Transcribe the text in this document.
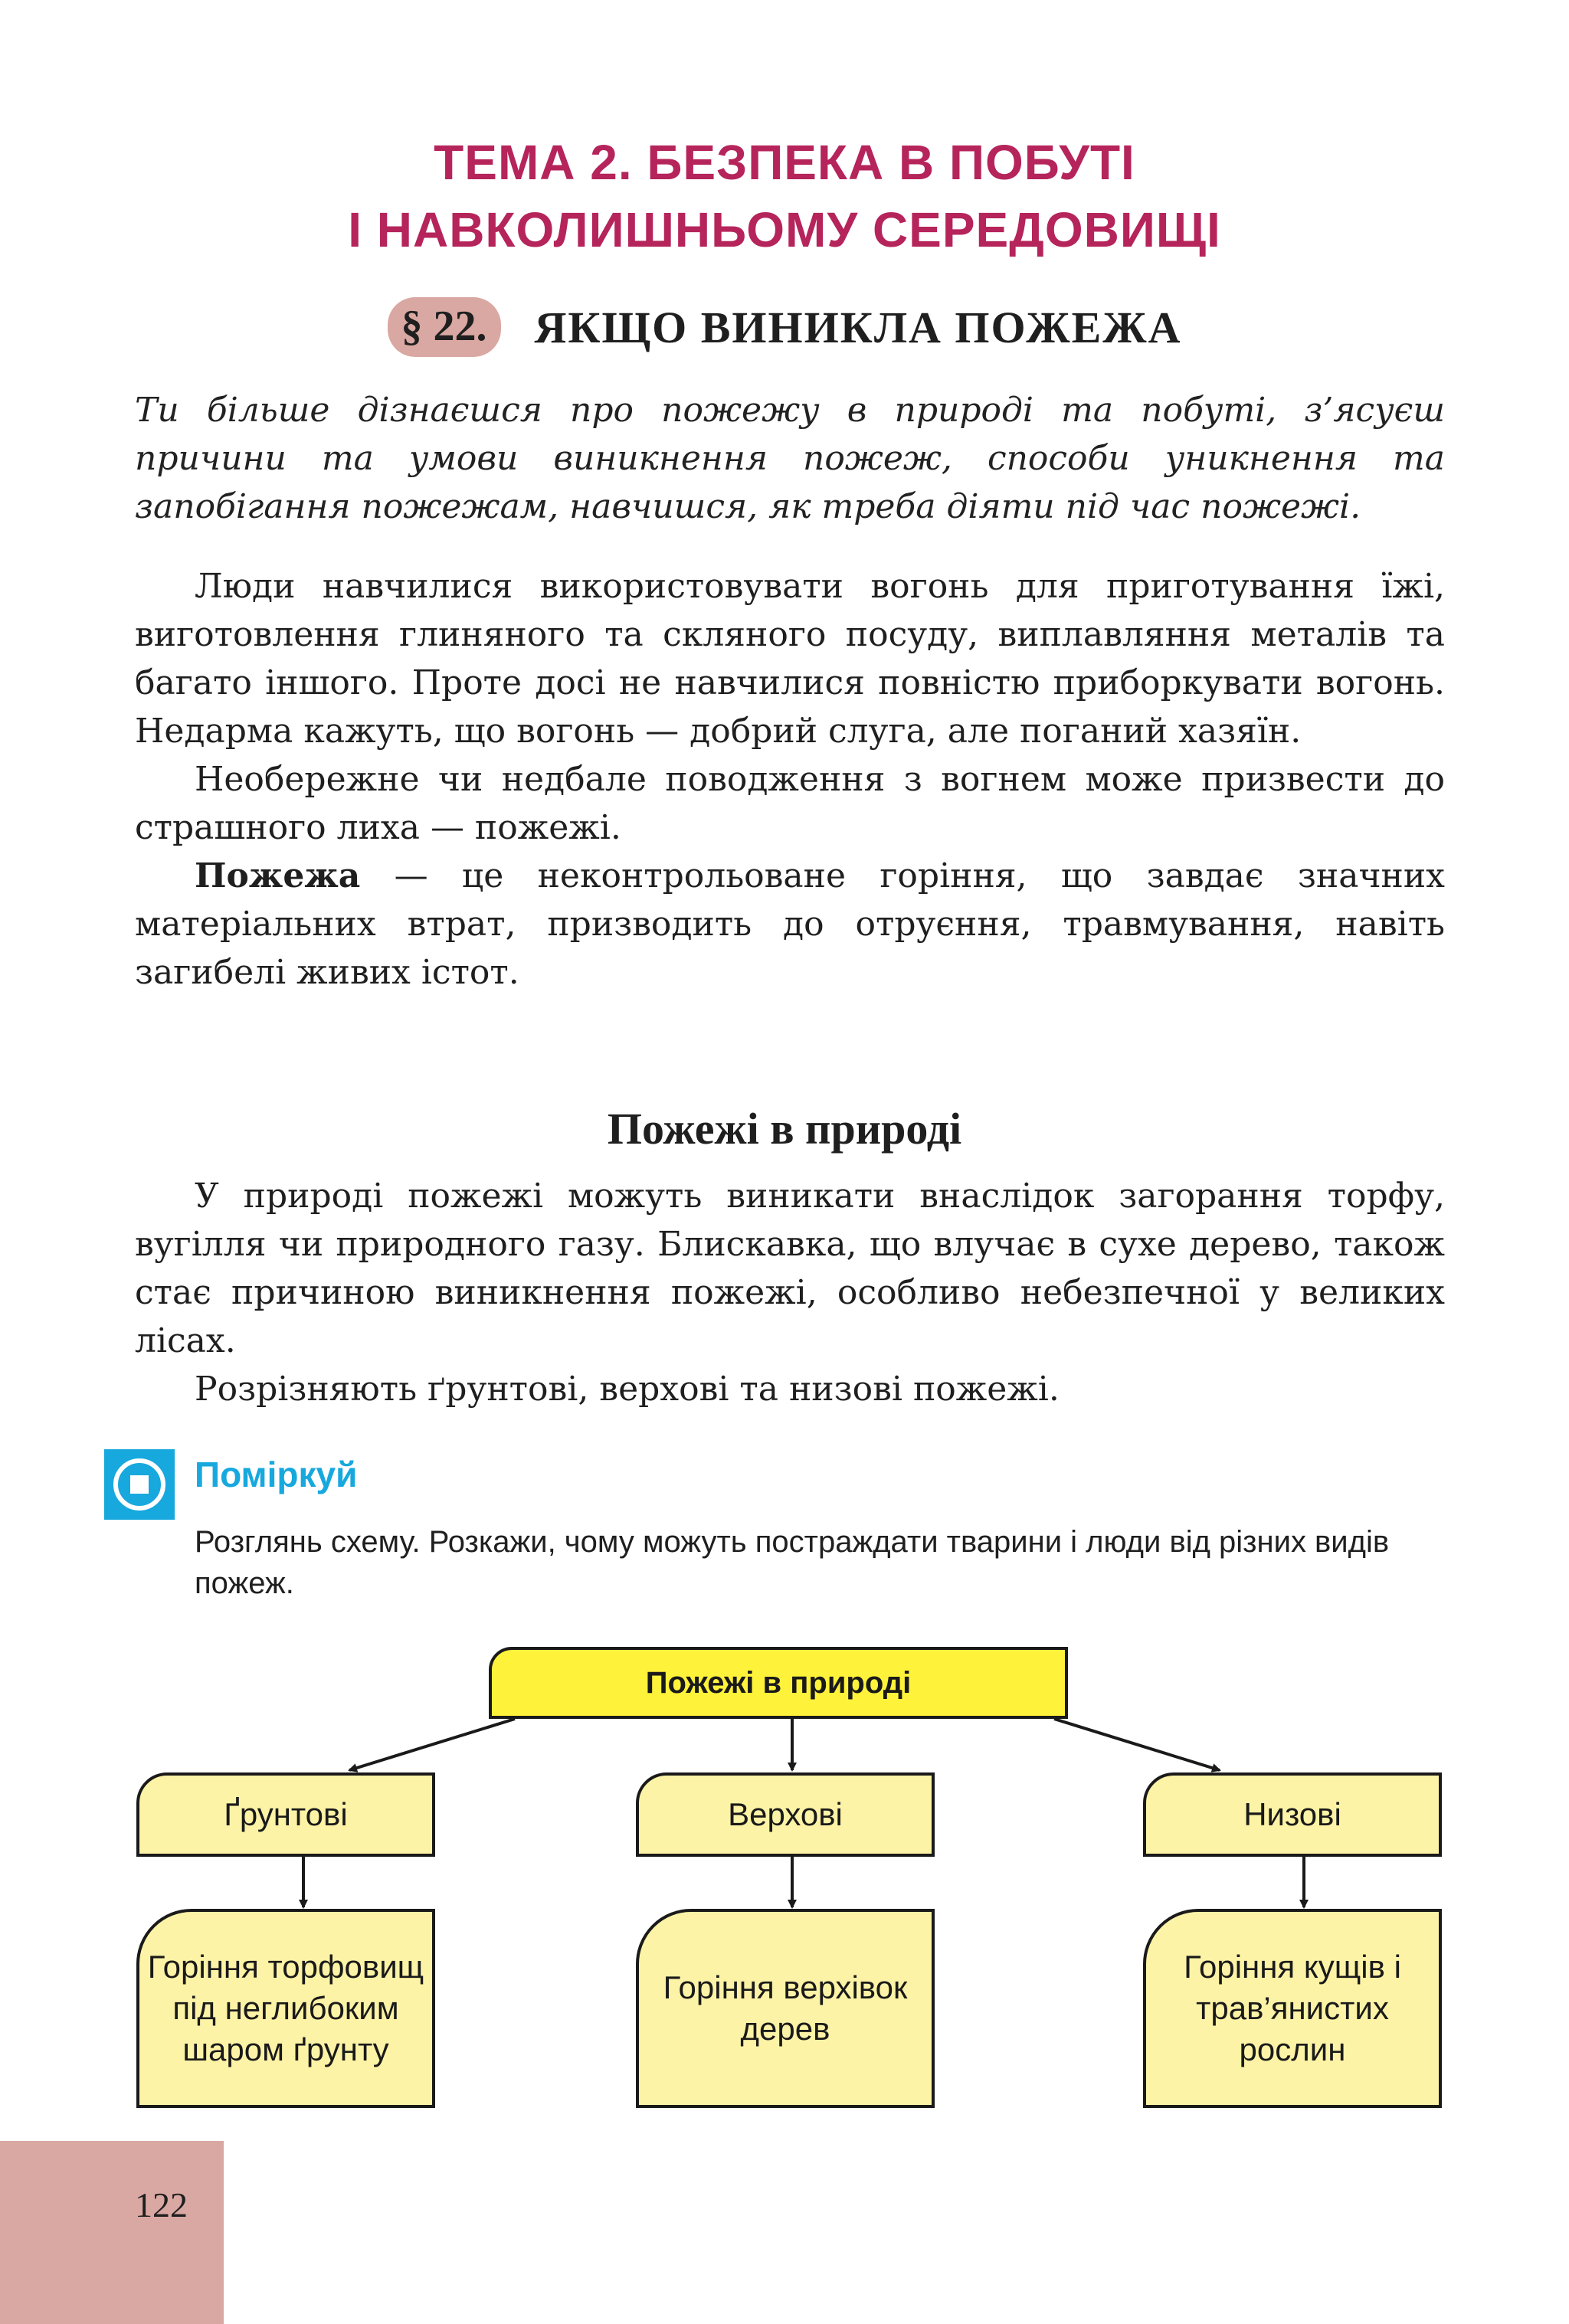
ТЕМА 2. БЕЗПЕКА В ПОБУТІ
І НАВКОЛИШНЬОМУ СЕРЕДОВИЩІ
§ 22.	ЯКЩО ВИНИКЛА ПОЖЕЖА
Ти більше дізнаєшся про пожежу в природі та побуті, з’ясуєш
причини та умови виникнення пожеж, способи уникнення та
запобігання пожежам, навчишся, як треба діяти під час пожежі.

Люди навчилися використовувати вогонь для приготування їжі, виготовлення глиняного та скляного посуду, виплавляння металів та багато іншого. Проте досі не навчилися повністю приборкувати вогонь. Недарма кажуть, що вогонь — добрий слуга, але поганий хазяїн.

Необережне чи недбале поводження з вогнем може призвести до страшного лиха — пожежі.

Пожежа — це неконтрольоване горіння, що завдає значних матеріальних втрат, призводить до отруєння, травмування, навіть загибелі живих істот.

Пожежі в природі

У природі пожежі можуть виникати внаслідок загорання торфу, вугілля чи природного газу. Блискавка, що влучає в сухе дерево, також стає причиною виникнення пожежі, особливо небезпечної у великих лісах.

Розрізняють ґрунтові, верхові та низові пожежі.

Поміркуй
Розглянь схему. Розкажи, чому можуть постраждати тварини і люди від різних видів пожеж.
Пожежі в природі
Ґрунтові	Верхові	Низові
Горіння торфовищ під неглибоким шаром ґрунту
Горіння верхівок дерев
Горіння кущів і трав’янистих рослин
122
